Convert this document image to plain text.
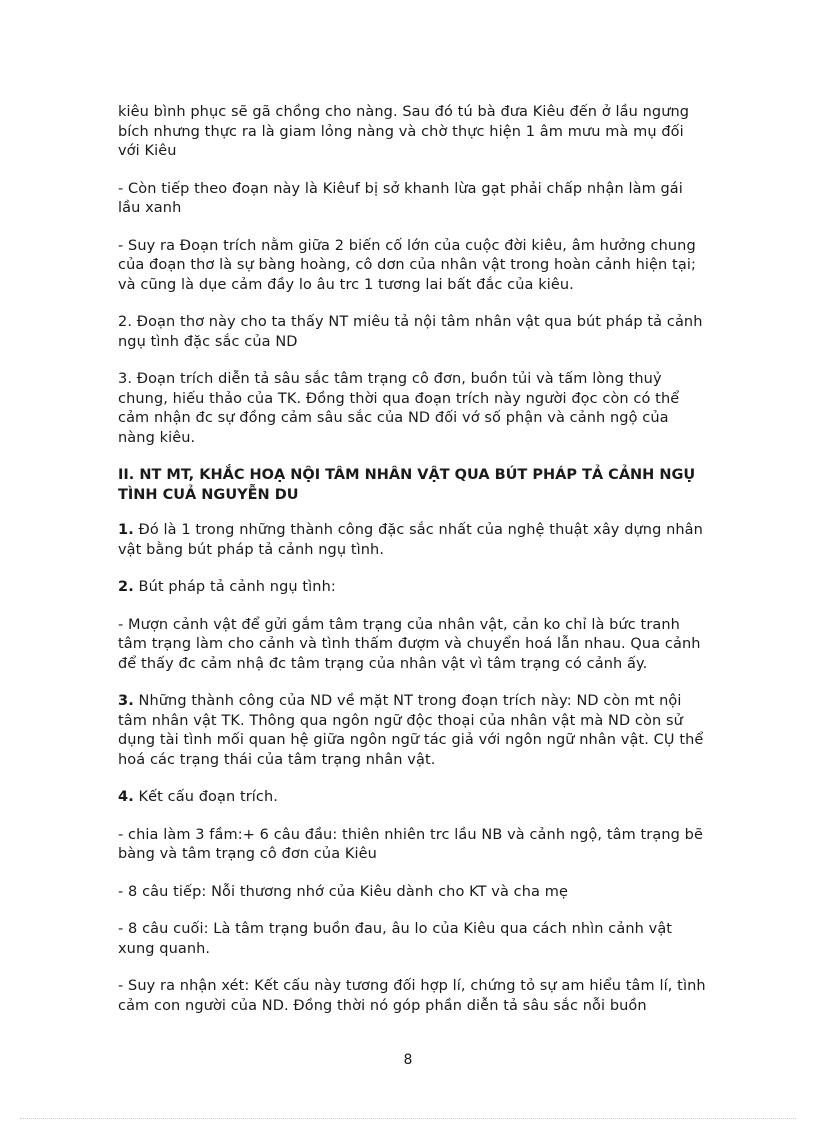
kiêu bình phục sẽ gã chồng cho nàng. Sau đó tú bà đưa Kiêu đến ở lầu ngưng bích nhưng thực ra là giam lỏng nàng và chờ thực hiện 1 âm mưu mà mụ đối với Kiêu

- Còn tiếp theo đoạn này là Kiêuf bị sở khanh lừa gạt phải chấp nhận làm gái lầu xanh

- Suy ra Đoạn trích nằm giữa 2 biến cố lớn của cuộc đời kiêu, âm hưởng chung của đoạn thơ là sự bàng hoàng, cô dơn của nhân vật trong hoàn cảnh hiện tại; và cũng là dụe cảm đầy lo âu trc 1 tương lai bất đắc của kiêu.

2. Đoạn thơ này cho ta thấy NT miêu tả nội tâm nhân vật qua bút pháp tả cảnh ngụ tình đặc sắc của ND

3. Đoạn trích diễn tả sâu sắc tâm trạng cô đơn, buồn tủi và tấm lòng thuỷ chung, hiếu thảo của TK. Đồng thời qua đoạn trích này người đọc còn có thể cảm nhận đc sự đồng cảm sâu sắc của ND đối vớ số phận và cảnh ngộ của nàng kiêu.

II. NT MT, KHẮC HOẠ NỘI TÂM NHÂN VẬT QUA BÚT PHÁP TẢ CẢNH NGỤ TÌNH CUẢ NGUYỄN DU

1. Đó là 1 trong những thành công đặc sắc nhất của nghệ thuật xây dựng nhân vật bằng bút pháp tả cảnh ngụ tình.

2. Bút pháp tả cảnh ngụ tình:

- Mượn cảnh vật để gửi gắm tâm trạng của nhân vật, cản ko chỉ là bức tranh tâm trạng làm cho cảnh và tình thấm đượm và chuyển hoá lẫn nhau. Qua cảnh để thấy đc cảm nhậ đc tâm trạng của nhân vật vì tâm trạng có cảnh ấy.

3. Những thành công của ND về mặt NT trong đoạn trích này: ND còn mt nội tâm nhân vật TK. Thông qua ngôn ngữ độc thoại của nhân vật mà ND còn sử dụng tài tình mối quan hệ giữa ngôn ngữ tác giả với ngôn ngữ nhân vật. CỤ thể hoá các trạng thái của tâm trạng nhân vật.

4. Kết cấu đoạn trích.

- chia làm 3 fầm:+ 6 câu đầu: thiên nhiên trc lầu NB và cảnh ngộ, tâm trạng bẽ bàng và tâm trạng cô đơn của Kiêu

- 8 câu tiếp: Nỗi thương nhớ của Kiêu dành cho KT và cha mẹ

- 8 câu cuối: Là tâm trạng buồn đau, âu lo của Kiêu qua cách nhìn cảnh vật xung quanh.

- Suy ra nhận xét: Kết cấu này tương đối hợp lí, chứng tỏ sự am hiểu tâm lí, tình cảm con người của ND. Đồng thời nó góp phần diễn tả sâu sắc nỗi buồn

8
